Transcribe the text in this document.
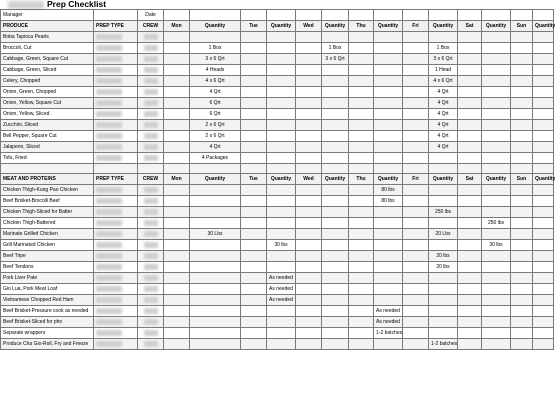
Prep Checklist
Manager		Date														
PRODUCE	PREP TYPE	CREW	Mon	Quantity	Tue	Quantity	Wed	Quantity	Thu	Quantity	Fri	Quantity	Sat	Quantity	Sun	Quantity
Boba Tapioca Pearls																
Broccoli, Cut				1 Box				1 Box				1 Box				
Cabbage, Green, Square Cut				3 x 6 Qrt				3 x 6 Qrt				3 x 6 Qrt				
Cabbage, Green, Sliced				4 Heads								1 Head				
Celery, Chopped				4 x 6 Qrt								4 x 6 Qrt				
Onion, Green, Chopped				4 Qrt								4 Qrt				
Onion, Yellow, Square Cut				6 Qrt								4 Qrt				
Onion, Yellow, Sliced				6 Qrt								4 Qrt				
Zucchini, Sliced				2 x 6 Qrt								4 Qrt				
Bell Pepper, Square Cut				2 x 6 Qrt								4 Qrt				
Jalapeno, Sliced				4 Qrt								4 Qrt				
Tofu, Fried				4 Packages												

MEAT AND PROTEINS	PREP TYPE	CREW	Mon	Quantity	Tue	Quantity	Wed	Quantity	Thu	Quantity	Fri	Quantity	Sat	Quantity	Sun	Quantity
Chicken Thigh-Kung Pao Chicken										80 lbs						
Beef Brisket-Brocolli Beef										80 lbs						
Chicken Thigh-Sliced for Batter												250 lbs				
Chicken Thigh-Battered														250 lbs		
Marinate Grilled Chicken				30 Lbs								20 Lbs				
Grill Marinated Chicken						30 lbs								30 lbs		
Beef Tripe												20 lbs				
Beef Tendons												20 lbs				
Pork Liver Pate						As needed										
Gio Lua, Pork Meat Loaf						As needed										
Vietnamese Chopped Red Ham						As needed										
Beef Brisket-Pressure cook as needed										As needed						
Beef Brisket-Sliced for pho										As needed						
Separate wrappers										1-2 batches						
Produce Cha Gio-Roll, Fry and Freeze												1-2 batches				
